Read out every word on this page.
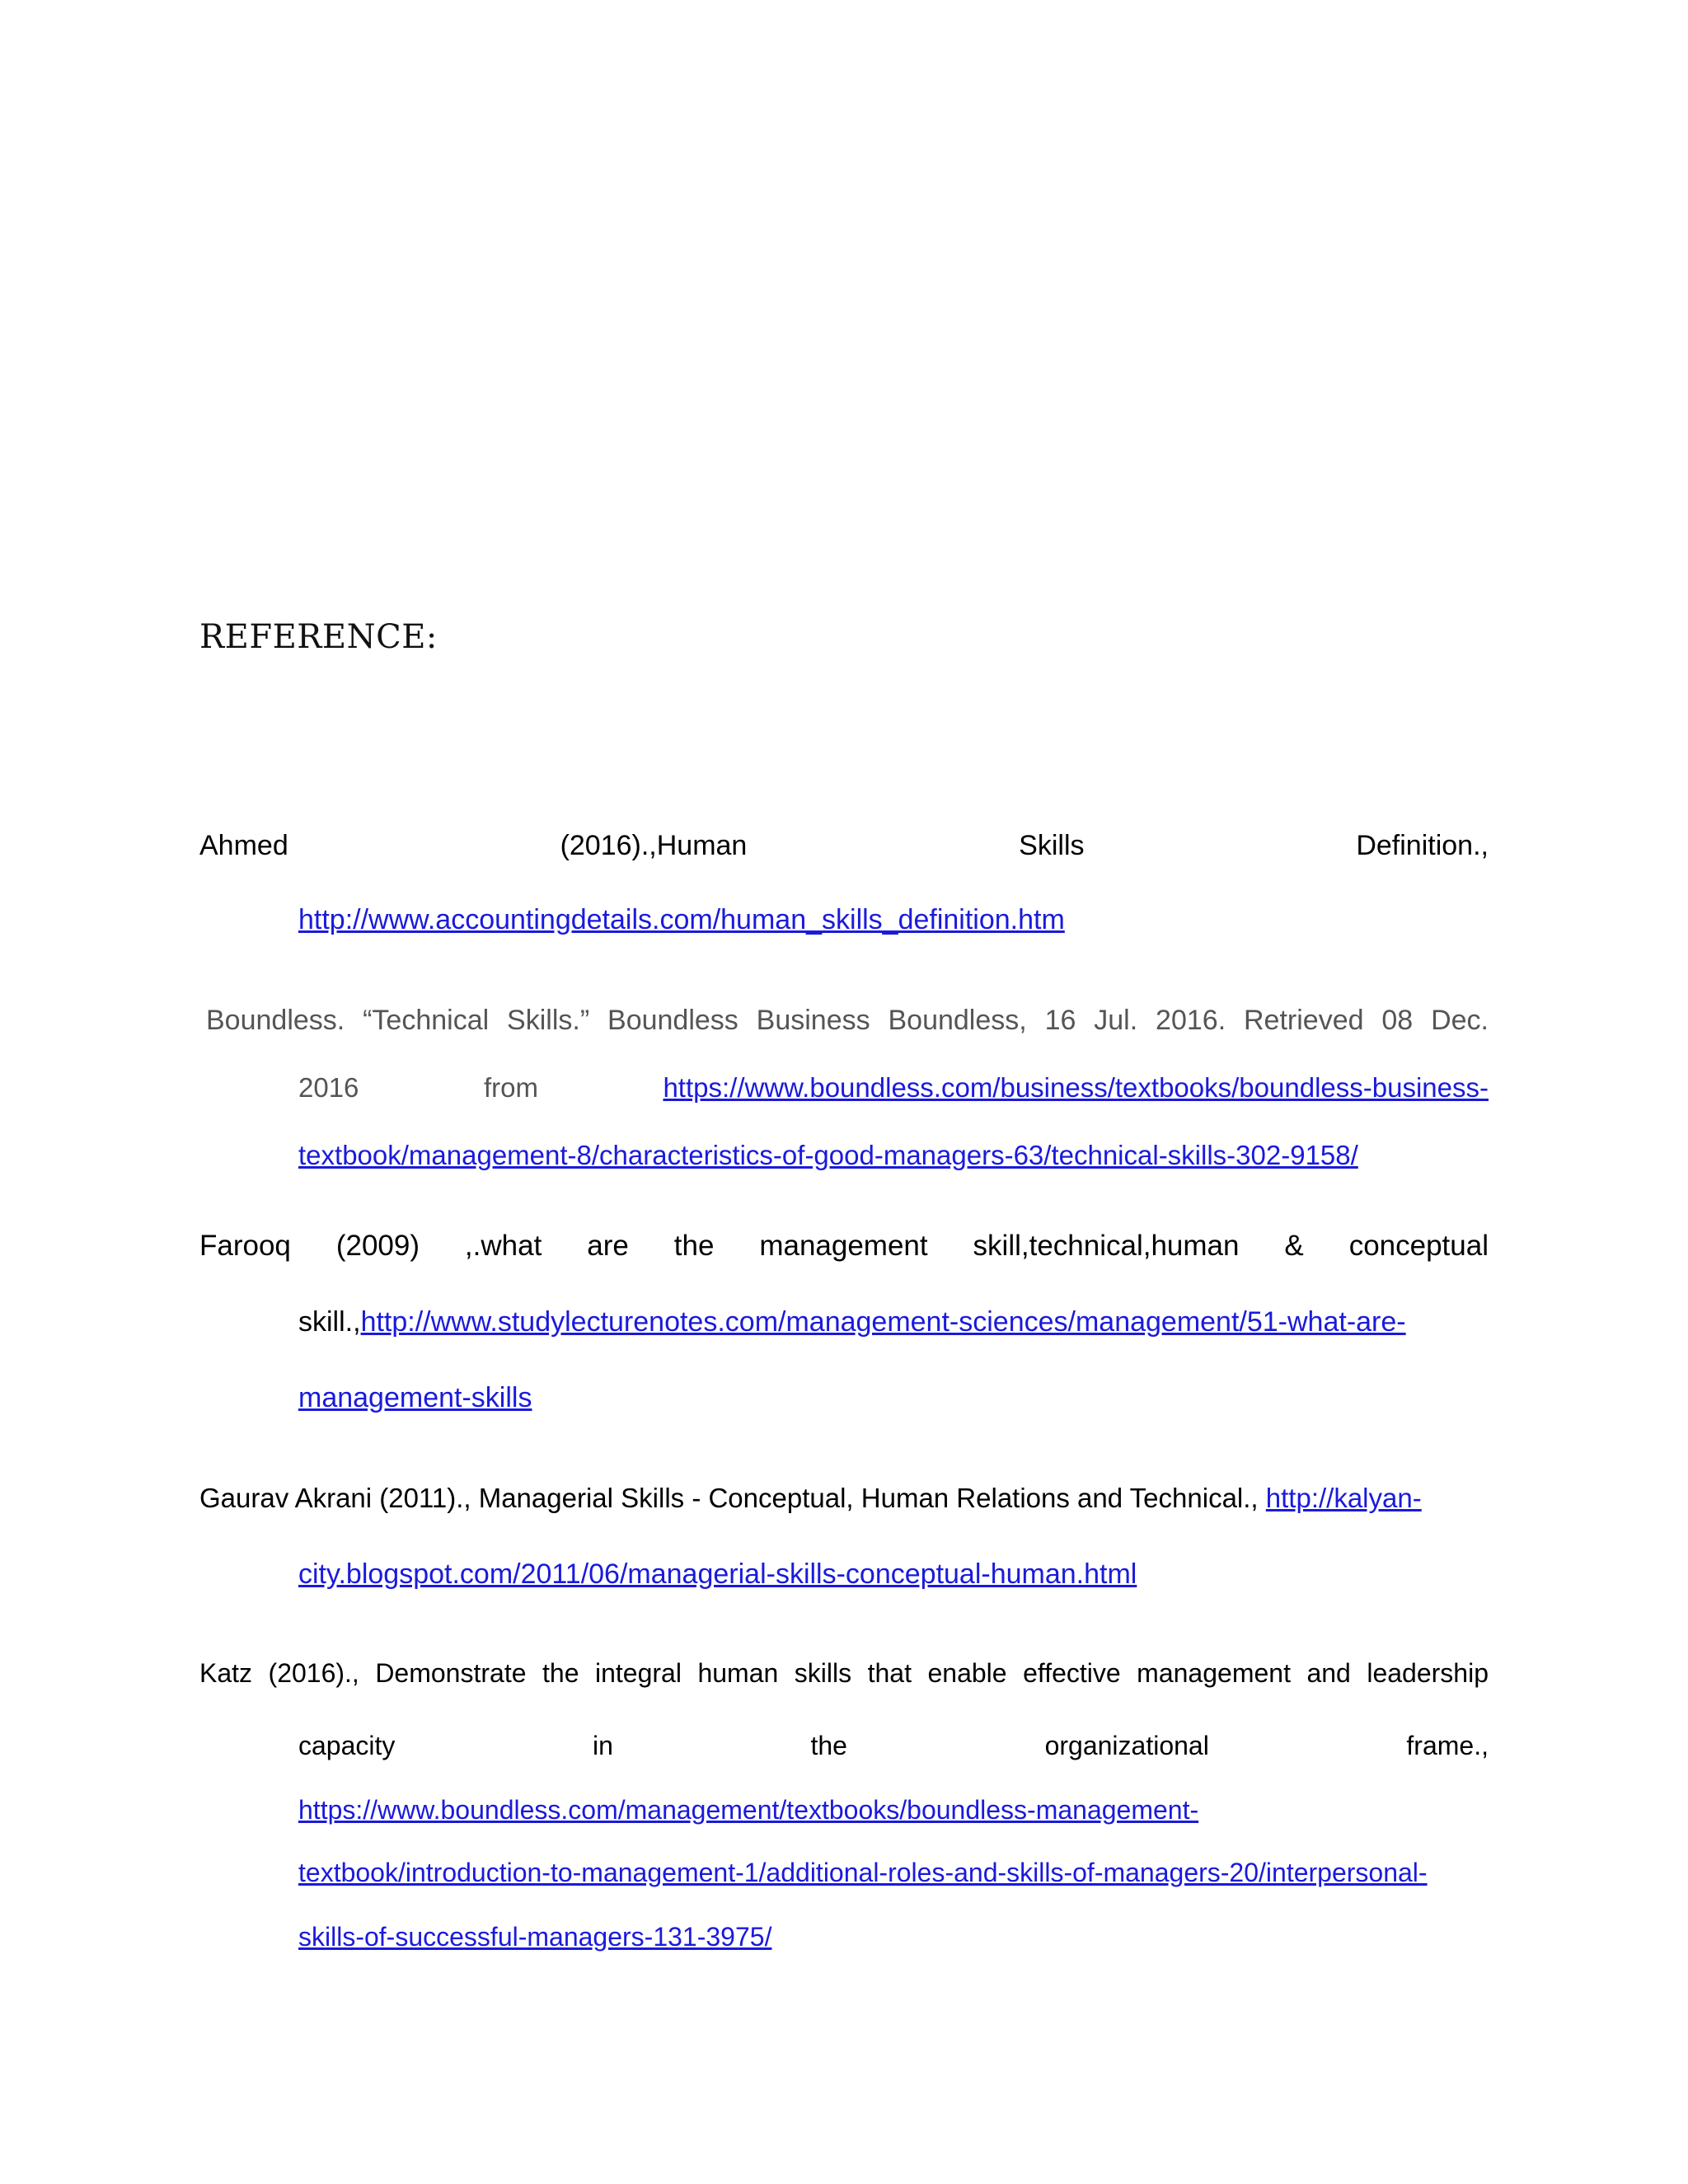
REFERENCE:
Ahmed	(2016).,Human	Skills	Definition.,
http://www.accountingdetails.com/human_skills_definition.htm
Boundless. “Technical Skills.” Boundless Business Boundless, 16 Jul. 2016. Retrieved 08 Dec.
2016	from	https://www.boundless.com/business/textbooks/boundless-business-
textbook/management-8/characteristics-of-good-managers-63/technical-skills-302-9158/
Farooq (2009) ,.what are the management skill,technical,human & conceptual
skill.,http://www.studylecturenotes.com/management-sciences/management/51-what-are-
management-skills
Gaurav Akrani (2011)., Managerial Skills - Conceptual, Human Relations and Technical., http://kalyan-
city.blogspot.com/2011/06/managerial-skills-conceptual-human.html
Katz (2016)., Demonstrate the integral human skills that enable effective management and leadership
capacity	in	the	organizational	frame.,
https://www.boundless.com/management/textbooks/boundless-management-
textbook/introduction-to-management-1/additional-roles-and-skills-of-managers-20/interpersonal-
skills-of-successful-managers-131-3975/
